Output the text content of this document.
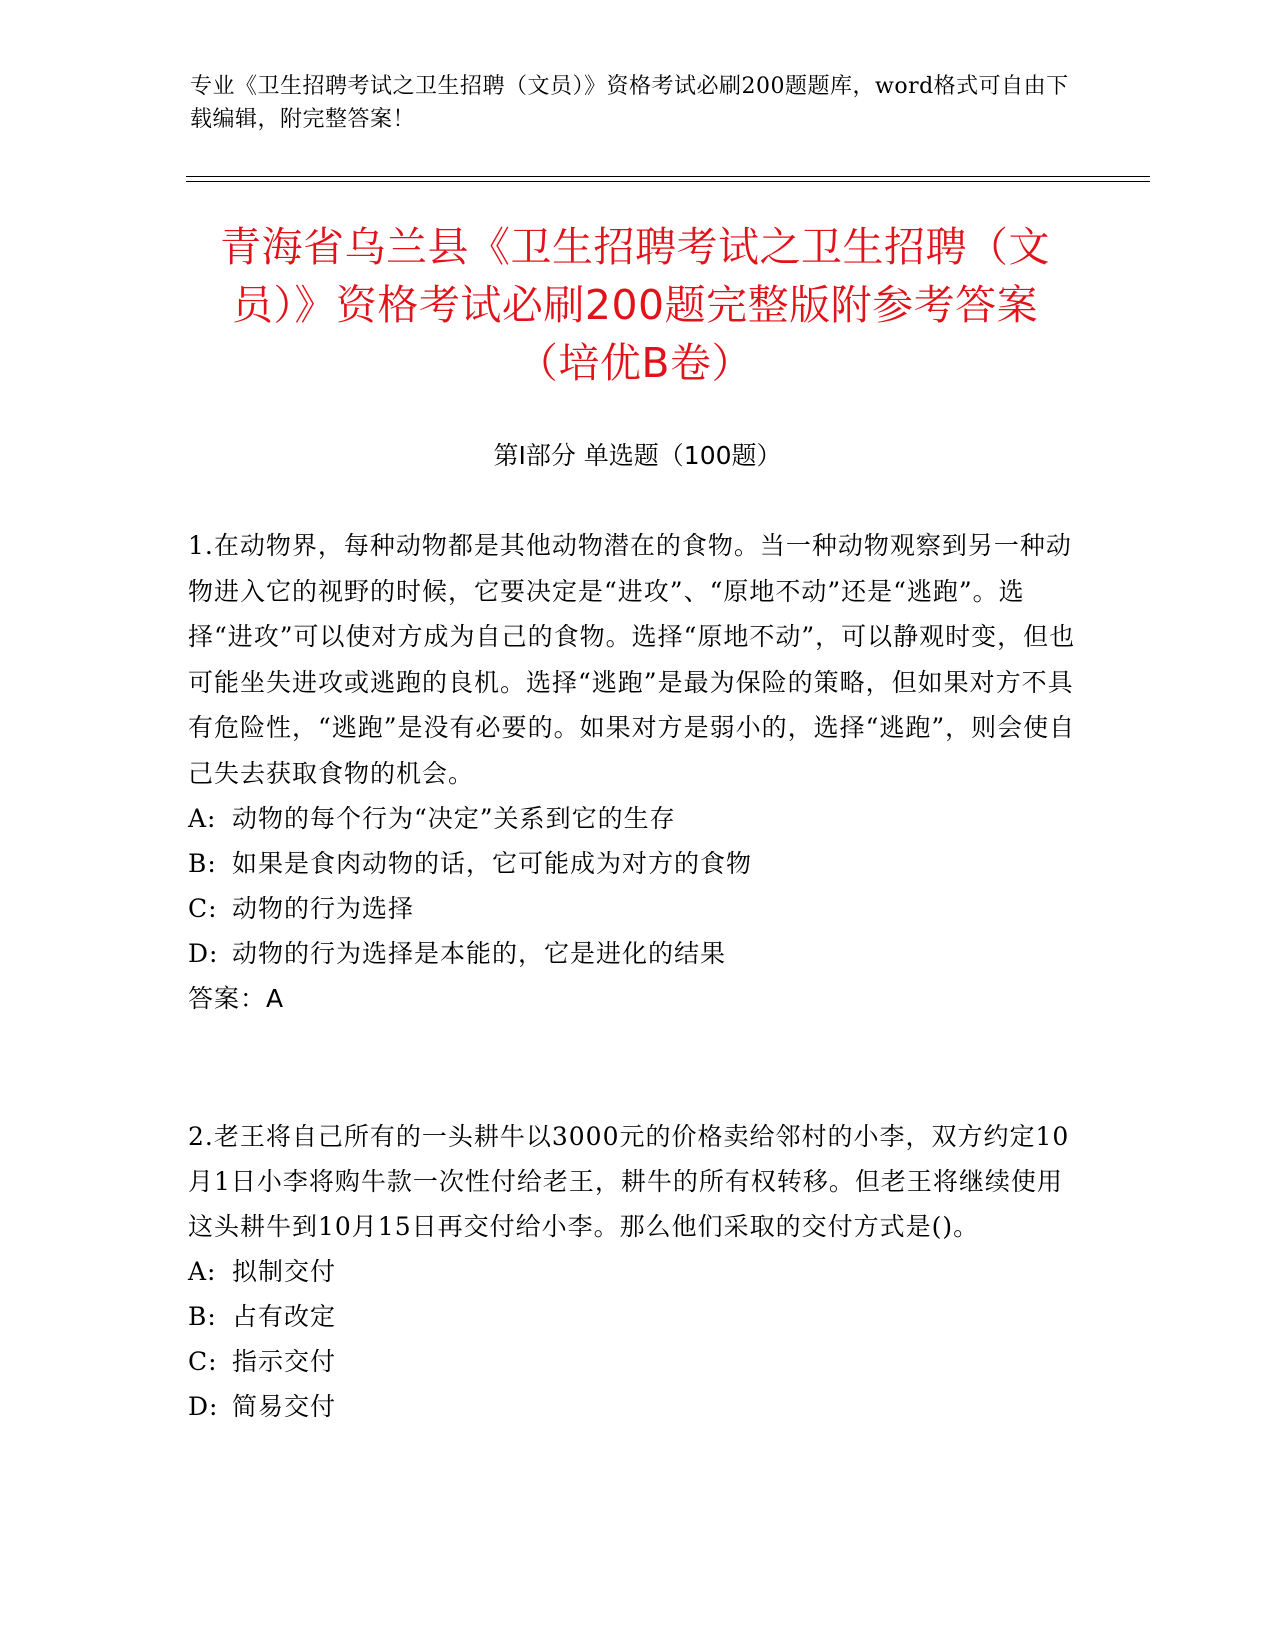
专业《卫生招聘考试之卫生招聘（文员）》资格考试必刷200题题库，word格式可自由下载编辑，附完整答案！
青海省乌兰县《卫生招聘考试之卫生招聘（文员）》资格考试必刷200题完整版附参考答案（培优B卷）
第Ⅰ部分 单选题（100题）

1.在动物界，每种动物都是其他动物潜在的食物。当一种动物观察到另一种动物进入它的视野的时候，它要决定是“进攻”、“原地不动”还是“逃跑”。选择“进攻”可以使对方成为自己的食物。选择“原地不动”，可以静观时变，但也可能坐失进攻或逃跑的良机。选择“逃跑”是最为保险的策略，但如果对方不具有危险性，“逃跑”是没有必要的。如果对方是弱小的，选择“逃跑”，则会使自己失去获取食物的机会。

A: 动物的每个行为“决定”关系到它的生存

B: 如果是食肉动物的话，它可能成为对方的食物

C: 动物的行为选择

D: 动物的行为选择是本能的，它是进化的结果

答案：A

2.老王将自己所有的一头耕牛以3000元的价格卖给邻村的小李，双方约定10月1日小李将购牛款一次性付给老王，耕牛的所有权转移。但老王将继续使用这头耕牛到10月15日再交付给小李。那么他们采取的交付方式是()。

A: 拟制交付

B: 占有改定

C: 指示交付

D: 简易交付
